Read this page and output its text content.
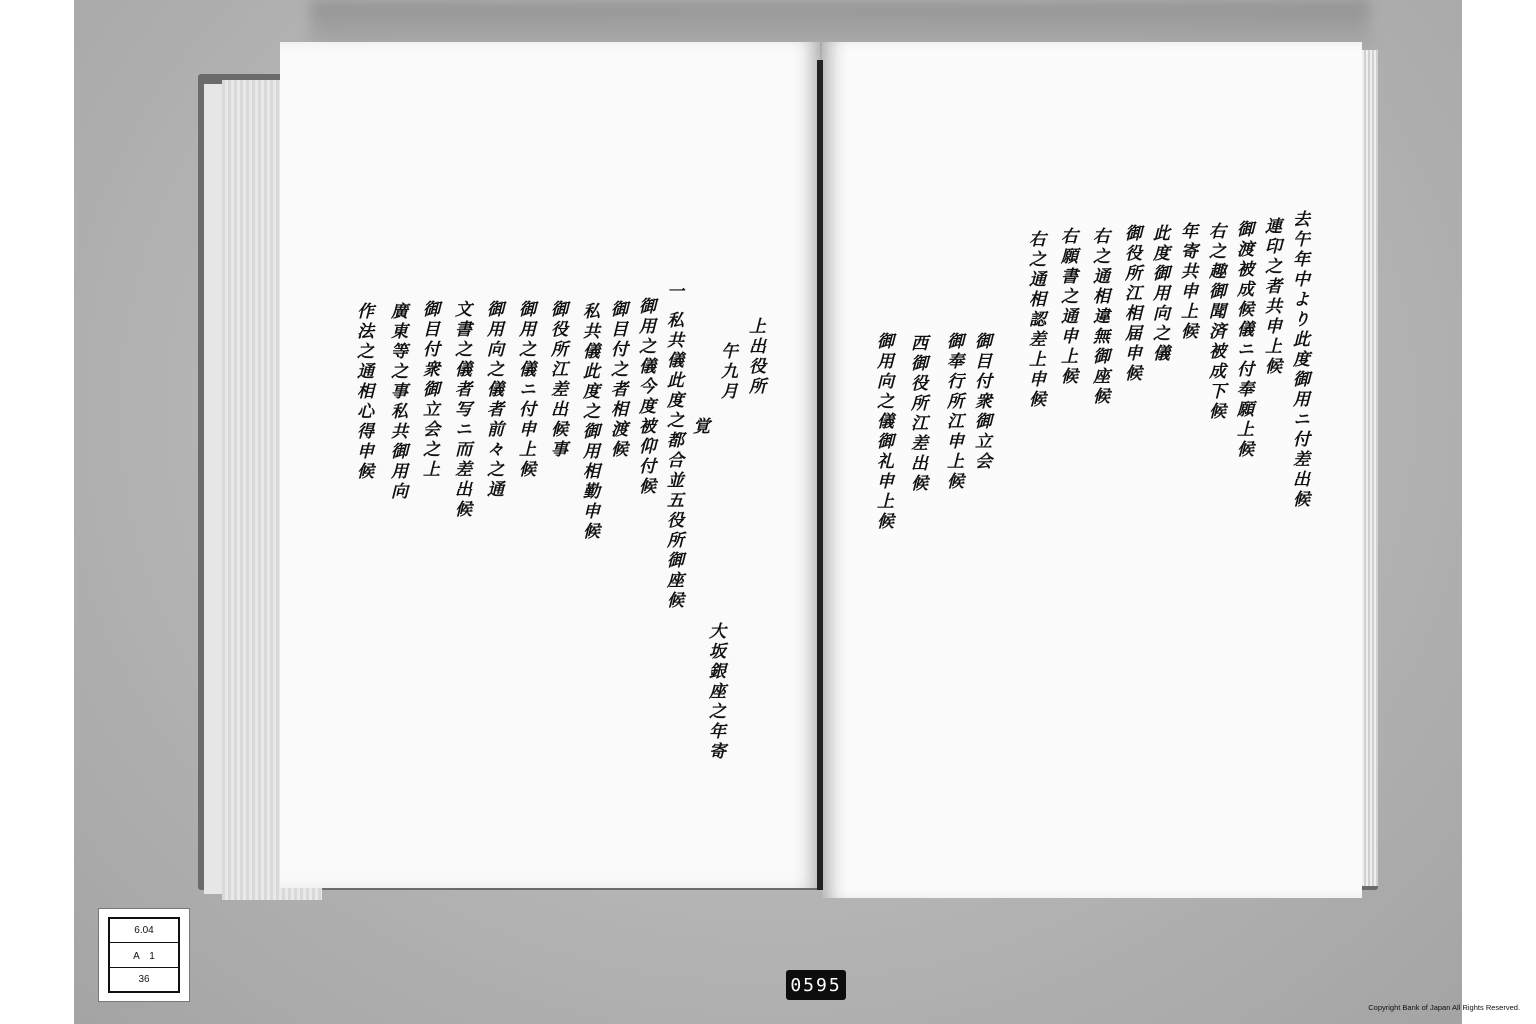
上出役所
午九月
覚
大坂銀座之年寄
一 私共儀此度之都合並五役所御座候
御用之儀今度被仰付候
御目付之者相渡候
私共儀此度之御用相勤申候
御役所江差出候事
御用之儀ニ付申上候
御用向之儀者前々之通
文書之儀者写ニ而差出候
御目付衆御立会之上
廣東等之事私共御用向
作法之通相心得申候	去午年中より此度御用ニ付差出候
連印之者共申上候
御渡被成候儀ニ付奉願上候
右之趣御聞済被成下候
年寄共申上候
此度御用向之儀
御役所江相届申候
右之通相違無御座候
右願書之通申上候
右之通相認差上申候
御目付衆御立会
御奉行所江申上候
西御役所江差出候
御用向之儀御礼申上候
6.04
A　1
36	0595
Copyright Bank of Japan All Rights Reserved.
